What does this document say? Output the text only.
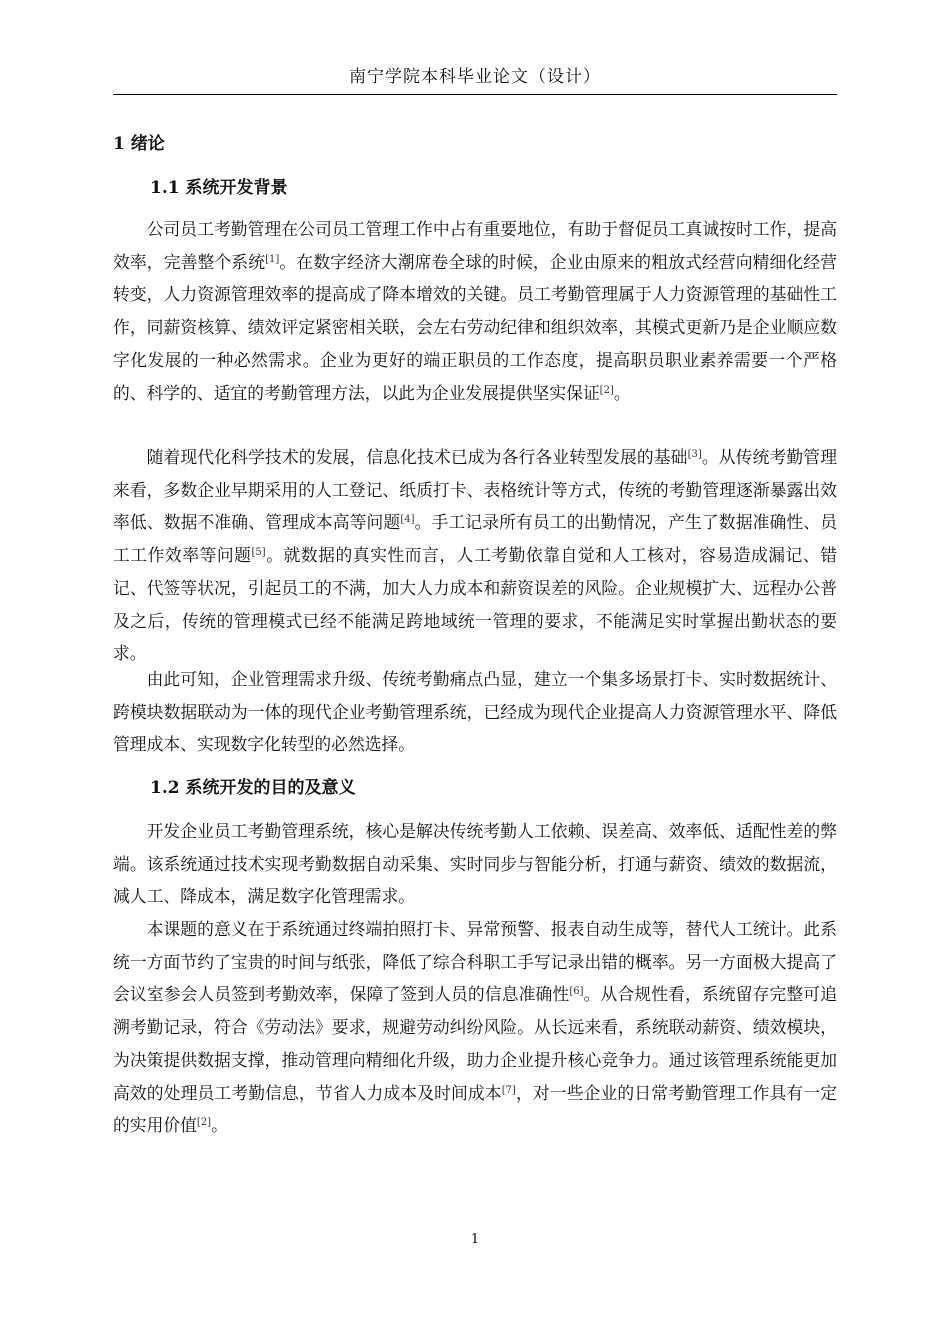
南宁学院本科毕业论文（设计）
1 绪论
1.1 系统开发背景

公司员工考勤管理在公司员工管理工作中占有重要地位，有助于督促员工真诚按时工作，提高效率，完善整个系统[1]。在数字经济大潮席卷全球的时候，企业由原来的粗放式经营向精细化经营转变，人力资源管理效率的提高成了降本增效的关键。员工考勤管理属于人力资源管理的基础性工作，同薪资核算、绩效评定紧密相关联，会左右劳动纪律和组织效率，其模式更新乃是企业顺应数字化发展的一种必然需求。企业为更好的端正职员的工作态度，提高职员职业素养需要一个严格的、科学的、适宜的考勤管理方法，以此为企业发展提供坚实保证[2]。

随着现代化科学技术的发展，信息化技术已成为各行各业转型发展的基础[3]。从传统考勤管理来看，多数企业早期采用的人工登记、纸质打卡、表格统计等方式，传统的考勤管理逐渐暴露出效率低、数据不准确、管理成本高等问题[4]。手工记录所有员工的出勤情况，产生了数据准确性、员工工作效率等问题[5]。就数据的真实性而言，人工考勤依靠自觉和人工核对，容易造成漏记、错记、代签等状况，引起员工的不满，加大人力成本和薪资误差的风险。企业规模扩大、远程办公普及之后，传统的管理模式已经不能满足跨地域统一管理的要求，不能满足实时掌握出勤状态的要求。

由此可知，企业管理需求升级、传统考勤痛点凸显，建立一个集多场景打卡、实时数据统计、跨模块数据联动为一体的现代企业考勤管理系统，已经成为现代企业提高人力资源管理水平、降低管理成本、实现数字化转型的必然选择。

1.2 系统开发的目的及意义

开发企业员工考勤管理系统，核心是解决传统考勤人工依赖、误差高、效率低、适配性差的弊端。该系统通过技术实现考勤数据自动采集、实时同步与智能分析，打通与薪资、绩效的数据流，减人工、降成本，满足数字化管理需求。

本课题的意义在于系统通过终端拍照打卡、异常预警、报表自动生成等，替代人工统计。此系统一方面节约了宝贵的时间与纸张，降低了综合科职工手写记录出错的概率。另一方面极大提高了会议室参会人员签到考勤效率，保障了签到人员的信息准确性[6]。从合规性看，系统留存完整可追溯考勤记录，符合《劳动法》要求，规避劳动纠纷风险。从长远来看，系统联动薪资、绩效模块，为决策提供数据支撑，推动管理向精细化升级，助力企业提升核心竞争力。通过该管理系统能更加高效的处理员工考勤信息，节省人力成本及时间成本[7]，对一些企业的日常考勤管理工作具有一定的实用价值[2]。

1
